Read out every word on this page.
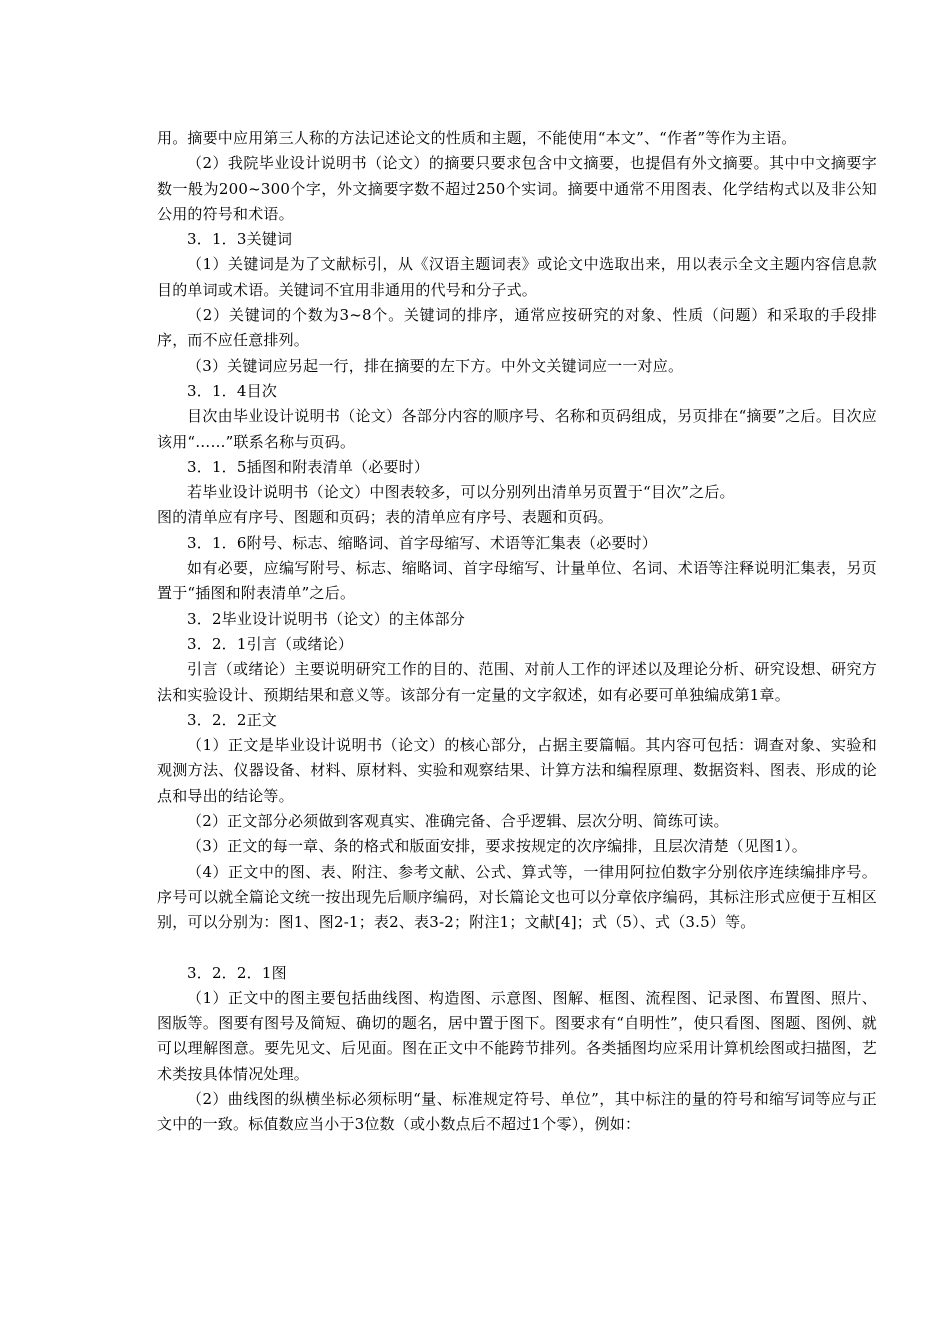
用。摘要中应用第三人称的方法记述论文的性质和主题，不能使用“本文”、“作者”等作为主语。

（2）我院毕业设计说明书（论文）的摘要只要求包含中文摘要，也提倡有外文摘要。其中中文摘要字数一般为200~300个字，外文摘要字数不超过250个实词。摘要中通常不用图表、化学结构式以及非公知公用的符号和术语。

3．1．3关键词

（1）关键词是为了文献标引，从《汉语主题词表》或论文中选取出来，用以表示全文主题内容信息款目的单词或术语。关键词不宜用非通用的代号和分子式。

（2）关键词的个数为3~8个。关键词的排序，通常应按研究的对象、性质（问题）和采取的手段排序，而不应任意排列。

（3）关键词应另起一行，排在摘要的左下方。中外文关键词应一一对应。

3．1．4目次

目次由毕业设计说明书（论文）各部分内容的顺序号、名称和页码组成，另页排在“摘要”之后。目次应该用“……”联系名称与页码。

3．1．5插图和附表清单（必要时）

若毕业设计说明书（论文）中图表较多，可以分别列出清单另页置于“目次”之后。

图的清单应有序号、图题和页码；表的清单应有序号、表题和页码。

3．1．6附号、标志、缩略词、首字母缩写、术语等汇集表（必要时）

如有必要，应编写附号、标志、缩略词、首字母缩写、计量单位、名词、术语等注释说明汇集表，另页置于“插图和附表清单”之后。

3．2毕业设计说明书（论文）的主体部分

3．2．1引言（或绪论）

引言（或绪论）主要说明研究工作的目的、范围、对前人工作的评述以及理论分析、研究设想、研究方法和实验设计、预期结果和意义等。该部分有一定量的文字叙述，如有必要可单独编成第1章。

3．2．2正文

（1）正文是毕业设计说明书（论文）的核心部分，占据主要篇幅。其内容可包括：调查对象、实验和观测方法、仪器设备、材料、原材料、实验和观察结果、计算方法和编程原理、数据资料、图表、形成的论点和导出的结论等。

（2）正文部分必须做到客观真实、准确完备、合乎逻辑、层次分明、简练可读。

（3）正文的每一章、条的格式和版面安排，要求按规定的次序编排，且层次清楚（见图1）。

（4）正文中的图、表、附注、参考文献、公式、算式等，一律用阿拉伯数字分别依序连续编排序号。序号可以就全篇论文统一按出现先后顺序编码，对长篇论文也可以分章依序编码，其标注形式应便于互相区别，可以分别为：图1、图2-1；表2、表3-2；附注1；文献[4]；式（5）、式（3.5）等。

3．2．2．1图

（1）正文中的图主要包括曲线图、构造图、示意图、图解、框图、流程图、记录图、布置图、照片、图版等。图要有图号及简短、确切的题名，居中置于图下。图要求有“自明性”，使只看图、图题、图例、就可以理解图意。要先见文、后见面。图在正文中不能跨节排列。各类插图均应采用计算机绘图或扫描图，艺术类按具体情况处理。

（2）曲线图的纵横坐标必须标明“量、标准规定符号、单位”，其中标注的量的符号和缩写词等应与正文中的一致。标值数应当小于3位数（或小数点后不超过1个零），例如：
